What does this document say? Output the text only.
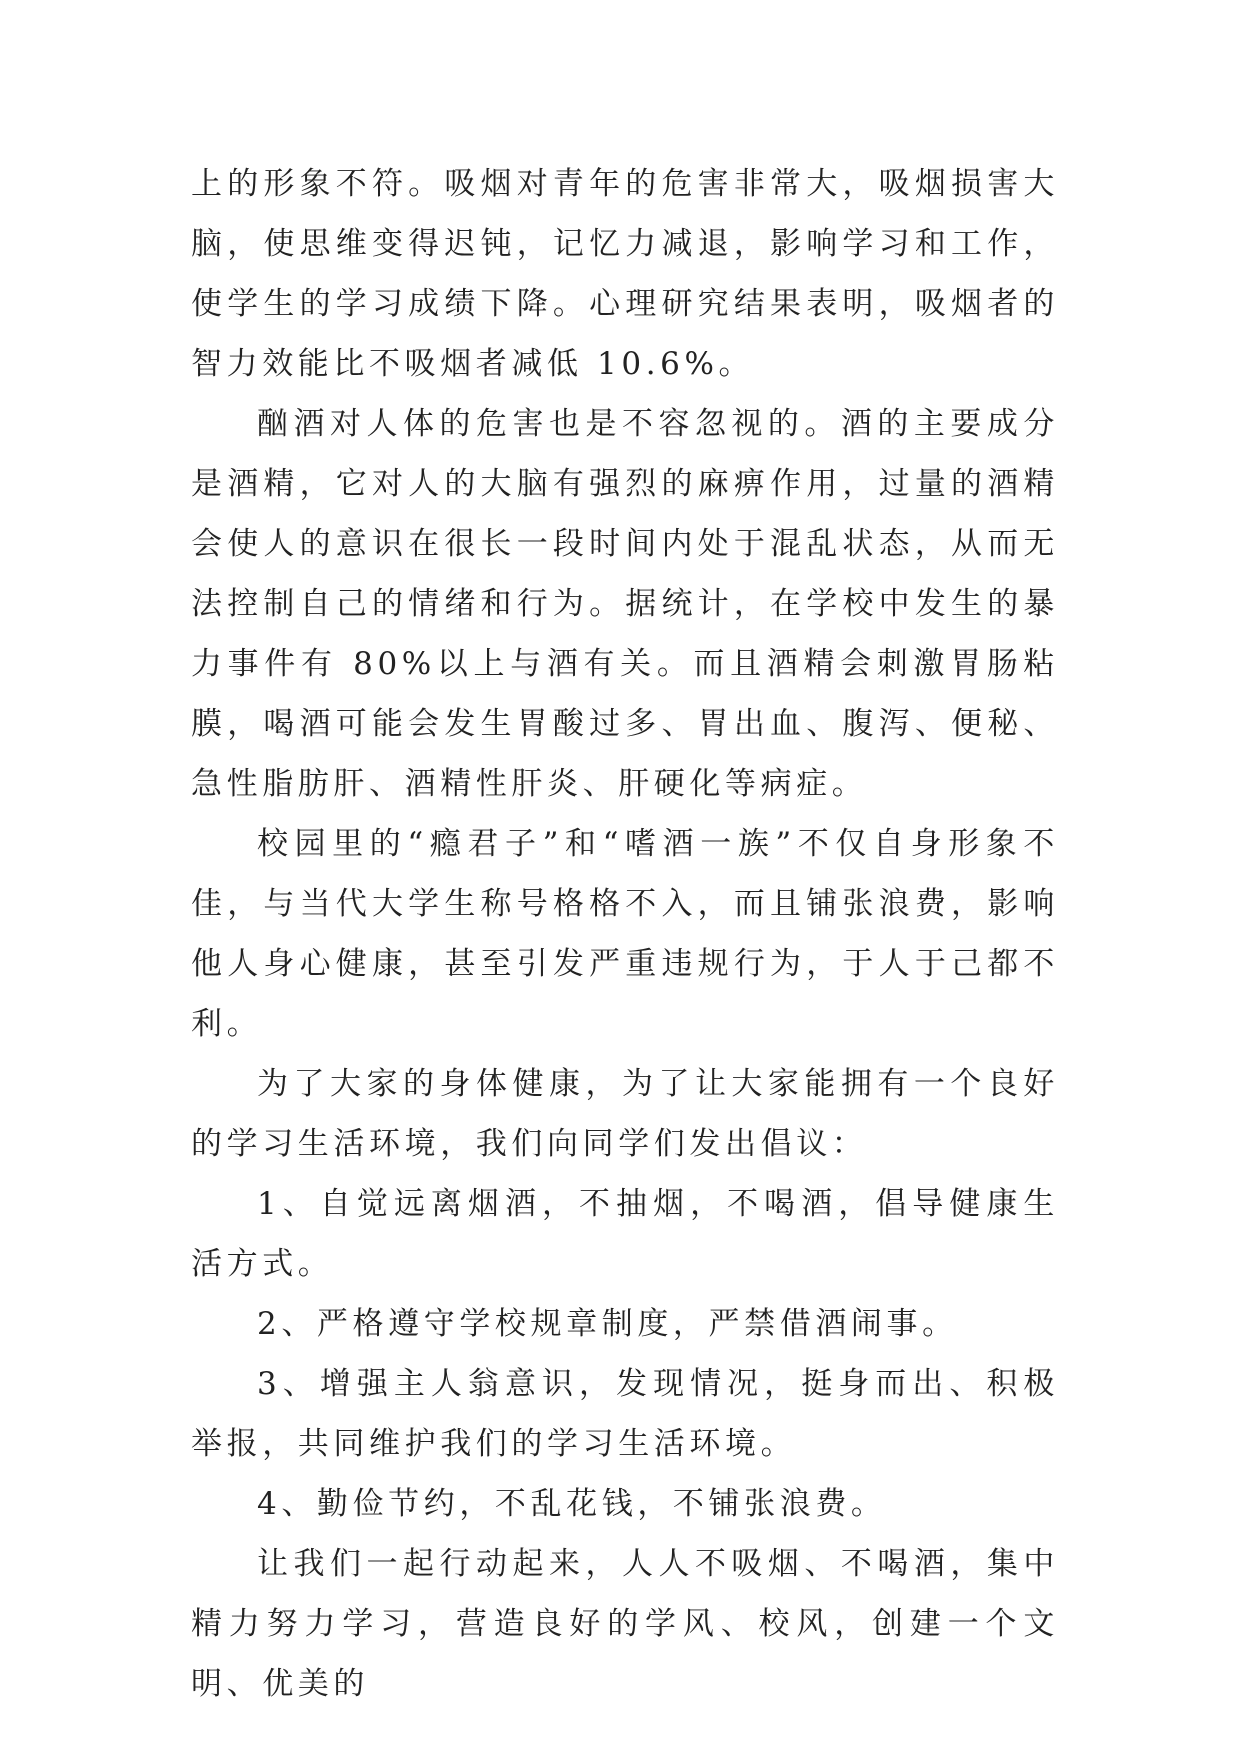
上的形象不符。吸烟对青年的危害非常大，吸烟损害大脑，使思维变得迟钝，记忆力减退，影响学习和工作，使学生的学习成绩下降。心理研究结果表明，吸烟者的智力效能比不吸烟者减低 10.6%。

酗酒对人体的危害也是不容忽视的。酒的主要成分是酒精，它对人的大脑有强烈的麻痹作用，过量的酒精会使人的意识在很长一段时间内处于混乱状态，从而无法控制自己的情绪和行为。据统计，在学校中发生的暴力事件有 80%以上与酒有关。而且酒精会刺激胃肠粘膜，喝酒可能会发生胃酸过多、胃出血、腹泻、便秘、急性脂肪肝、酒精性肝炎、肝硬化等病症。

校园里的“瘾君子”和“嗜酒一族”不仅自身形象不佳，与当代大学生称号格格不入，而且铺张浪费，影响他人身心健康，甚至引发严重违规行为，于人于己都不利。

为了大家的身体健康，为了让大家能拥有一个良好的学习生活环境，我们向同学们发出倡议：

1、自觉远离烟酒，不抽烟，不喝酒，倡导健康生活方式。

2、严格遵守学校规章制度，严禁借酒闹事。

3、增强主人翁意识，发现情况，挺身而出、积极举报，共同维护我们的学习生活环境。

4、勤俭节约，不乱花钱，不铺张浪费。

让我们一起行动起来，人人不吸烟、不喝酒，集中精力努力学习，营造良好的学风、校风，创建一个文明、优美的
